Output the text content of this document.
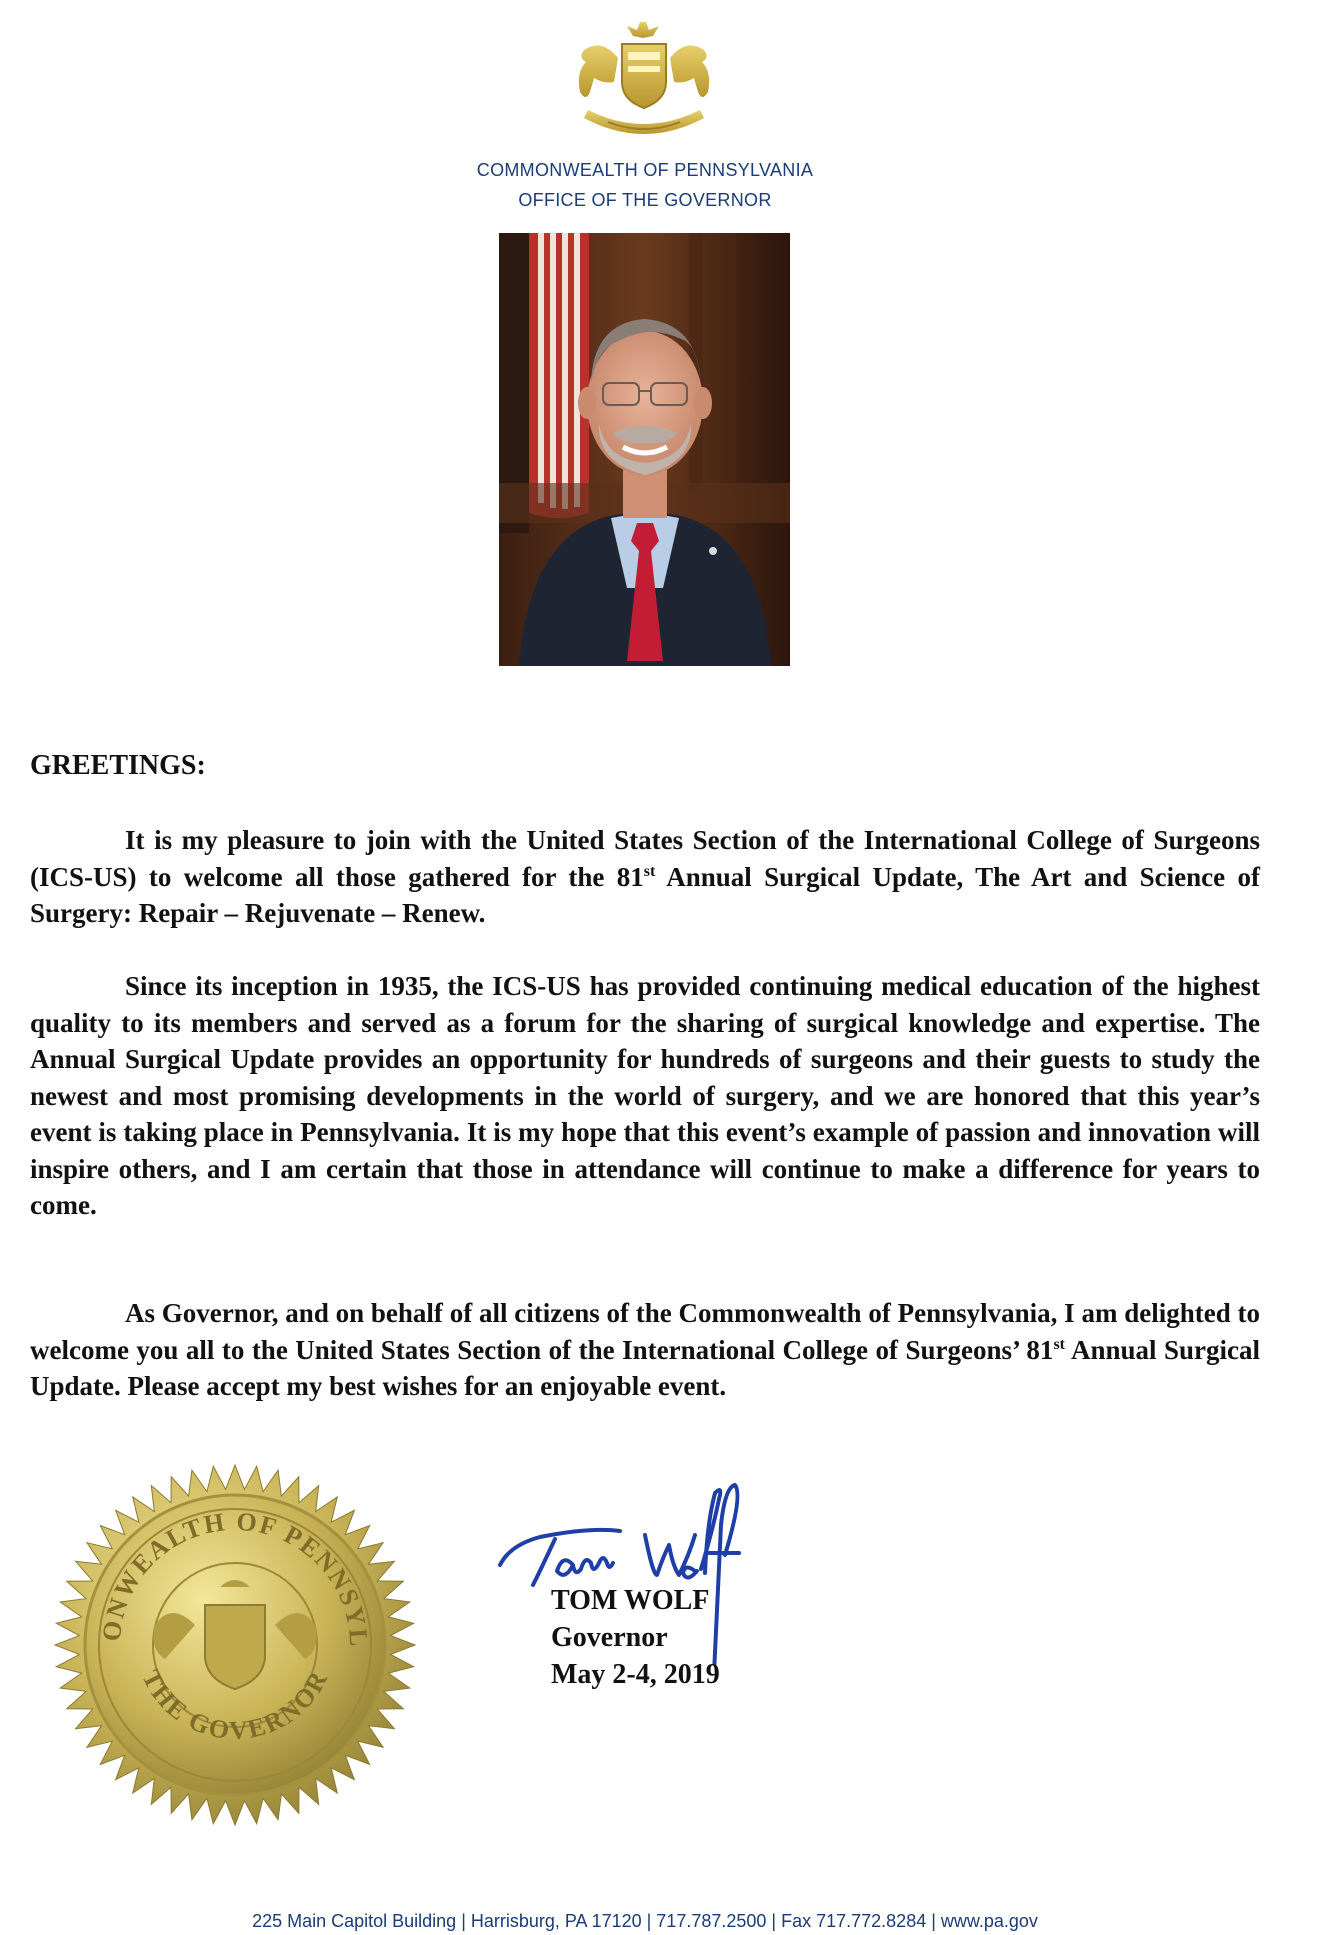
COMMONWEALTH OF PENNSYLVANIA
OFFICE OF THE GOVERNOR
GREETINGS:

It is my pleasure to join with the United States Section of the International College of Surgeons (ICS-US) to welcome all those gathered for the 81st Annual Surgical Update, The Art and Science of Surgery: Repair – Rejuvenate – Renew.

Since its inception in 1935, the ICS-US has provided continuing medical education of the highest quality to its members and served as a forum for the sharing of surgical knowledge and expertise. The Annual Surgical Update provides an opportunity for hundreds of surgeons and their guests to study the newest and most promising developments in the world of surgery, and we are honored that this year’s event is taking place in Pennsylvania. It is my hope that this event’s example of passion and innovation will inspire others, and I am certain that those in attendance will continue to make a difference for years to come.

As Governor, and on behalf of all citizens of the Commonwealth of Pennsylvania, I am delighted to welcome you all to the United States Section of the International College of Surgeons’ 81st Annual Surgical Update. Please accept my best wishes for an enjoyable event.

ONWEALTH OF PENNSYL
THE GOVERNOR
TOM WOLF
Governor
May 2-4, 2019
225 Main Capitol Building | Harrisburg, PA 17120 | 717.787.2500 | Fax 717.772.8284 | www.pa.gov
